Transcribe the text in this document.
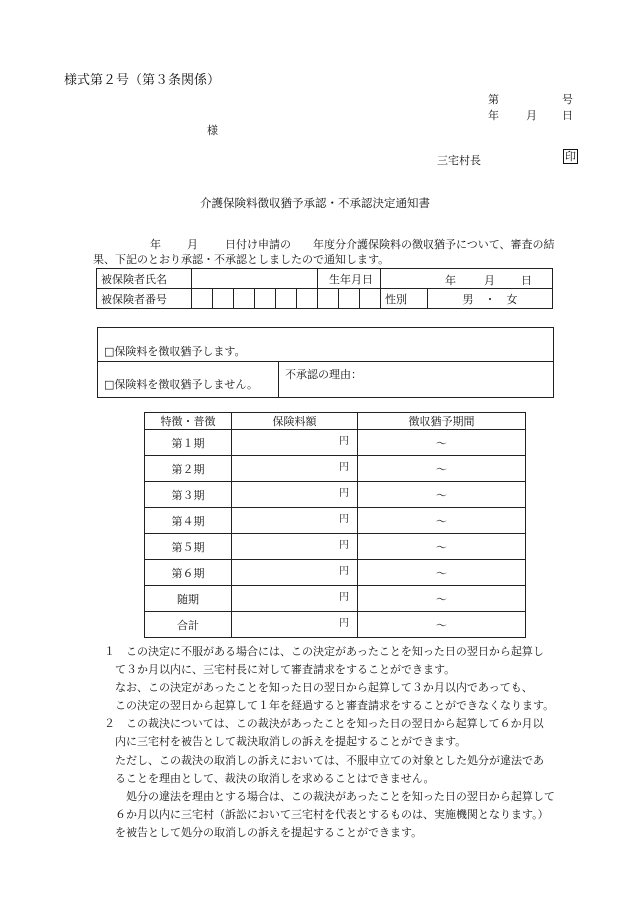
様式第２号（第３条関係）
第	号
年 月 日
様
三宅村長	印
介護保険料徴収猶予承認・不承認決定通知書
年 月 日付け申請の 年度分介護保険料の徴収猶予について、審査の結
果、下記のとおり承認・不承認としましたので通知します。
被保険者氏名							生年月日			年 月 日	

被保険者番号										性別	男　・　女
□保険料を徴収猶予します。
□保険料を徴収猶予しません。
不承認の理由：
特徴・普徴	保険料額	徴収猶予期間
第１期	円	～
第２期	円	～
第３期	円	～
第４期	円	～
第５期	円	～
第６期	円	～
随期	円	～
合計	円	～
１　この決定に不服がある場合には、この決定があったことを知った日の翌日から起算し
　て３か月以内に、三宅村長に対して審査請求をすることができます。
　なお、この決定があったことを知った日の翌日から起算して３か月以内であっても、
　この決定の翌日から起算して１年を経過すると審査請求をすることができなくなります。
２　この裁決については、この裁決があったことを知った日の翌日から起算して６か月以
　内に三宅村を被告として裁決取消しの訴えを提起することができます。
　ただし、この裁決の取消しの訴えにおいては、不服申立ての対象とした処分が違法であ
　ることを理由として、裁決の取消しを求めることはできません。
　　処分の違法を理由とする場合は、この裁決があったことを知った日の翌日から起算して
　６か月以内に三宅村（訴訟において三宅村を代表とするものは、実施機関となります。）
　を被告として処分の取消しの訴えを提起することができます。
